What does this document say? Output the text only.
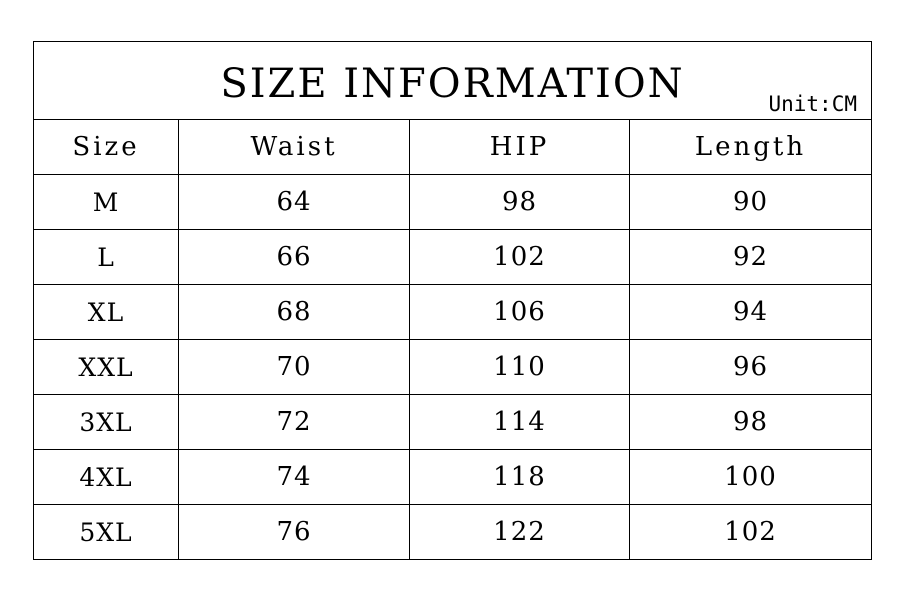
SIZE INFORMATION Unit:CM			

Size	Waist	HIP	Length
M	64	98	90
L	66	102	92
XL	68	106	94
XXL	70	110	96
3XL	72	114	98
4XL	74	118	100
5XL	76	122	102
